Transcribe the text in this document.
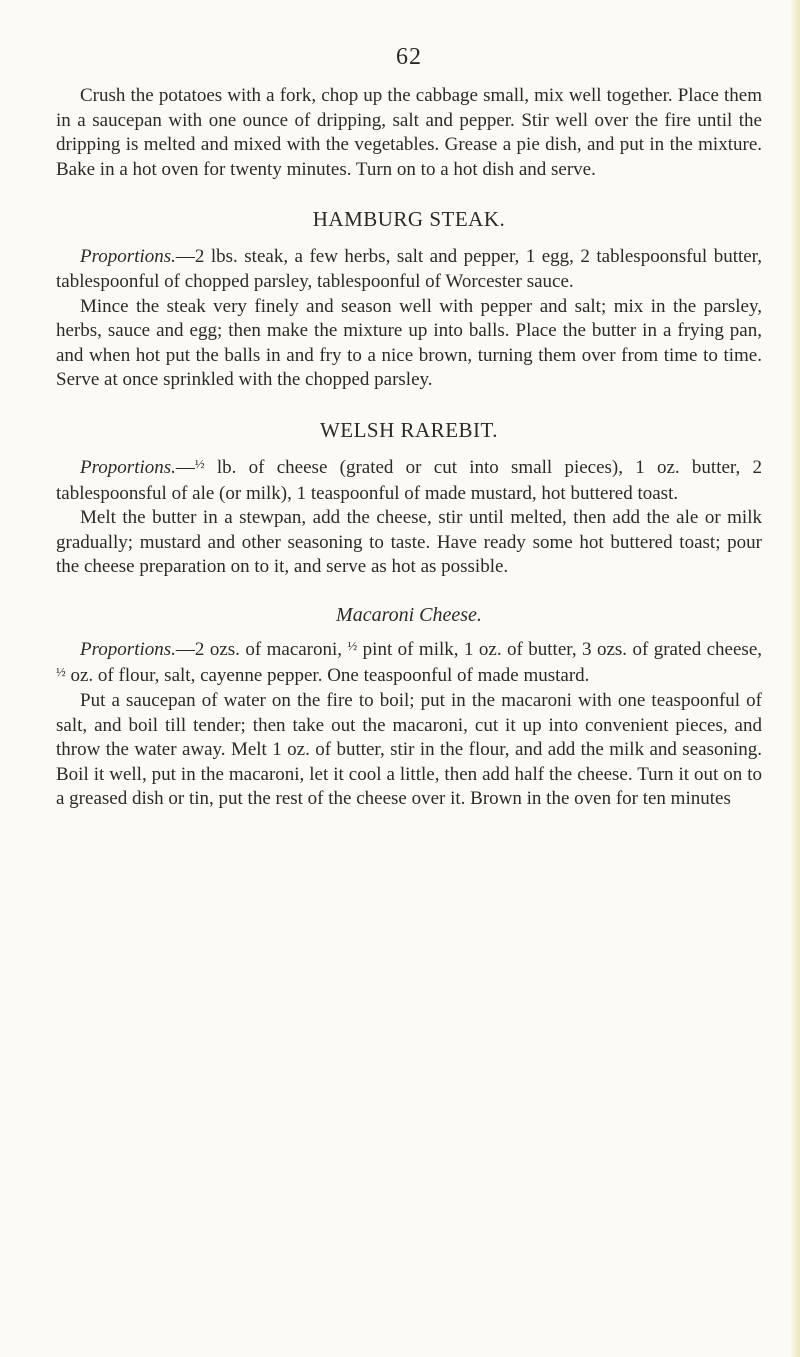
62

Crush the potatoes with a fork, chop up the cabbage small, mix well together. Place them in a saucepan with one ounce of dripping, salt and pepper. Stir well over the fire until the dripping is melted and mixed with the vegetables. Grease a pie dish, and put in the mixture. Bake in a hot oven for twenty minutes. Turn on to a hot dish and serve.

HAMBURG STEAK.

Proportions.—2 lbs. steak, a few herbs, salt and pepper, 1 egg, 2 tablespoonsful butter, tablespoonful of chopped parsley, tablespoonful of Worcester sauce.

Mince the steak very finely and season well with pepper and salt; mix in the parsley, herbs, sauce and egg; then make the mixture up into balls. Place the butter in a frying pan, and when hot put the balls in and fry to a nice brown, turning them over from time to time. Serve at once sprinkled with the chopped parsley.

WELSH RAREBIT.

Proportions.—$^{\frac{1}{2}}$ lb. of cheese (grated or cut into small pieces), 1 oz. butter, 2 tablespoonsful of ale (or milk), 1 teaspoonful of made mustard, hot buttered toast.

Melt the butter in a stewpan, add the cheese, stir until melted, then add the ale or milk gradually; mustard and other seasoning to taste. Have ready some hot buttered toast; pour the cheese preparation on to it, and serve as hot as possible.

Macaroni Cheese.

Proportions.—2 ozs. of macaroni, $^{\frac{1}{2}}$ pint of milk, 1 oz. of butter, 3 ozs. of grated cheese, $^{\frac{1}{2}}$ oz. of flour, salt, cayenne pepper. One teaspoonful of made mustard.

Put a saucepan of water on the fire to boil; put in the macaroni with one teaspoonful of salt, and boil till tender; then take out the macaroni, cut it up into convenient pieces, and throw the water away. Melt 1 oz. of butter, stir in the flour, and add the milk and seasoning. Boil it well, put in the macaroni, let it cool a little, then add half the cheese. Turn it out on to a greased dish or tin, put the rest of the cheese over it. Brown in the oven for ten minutes
